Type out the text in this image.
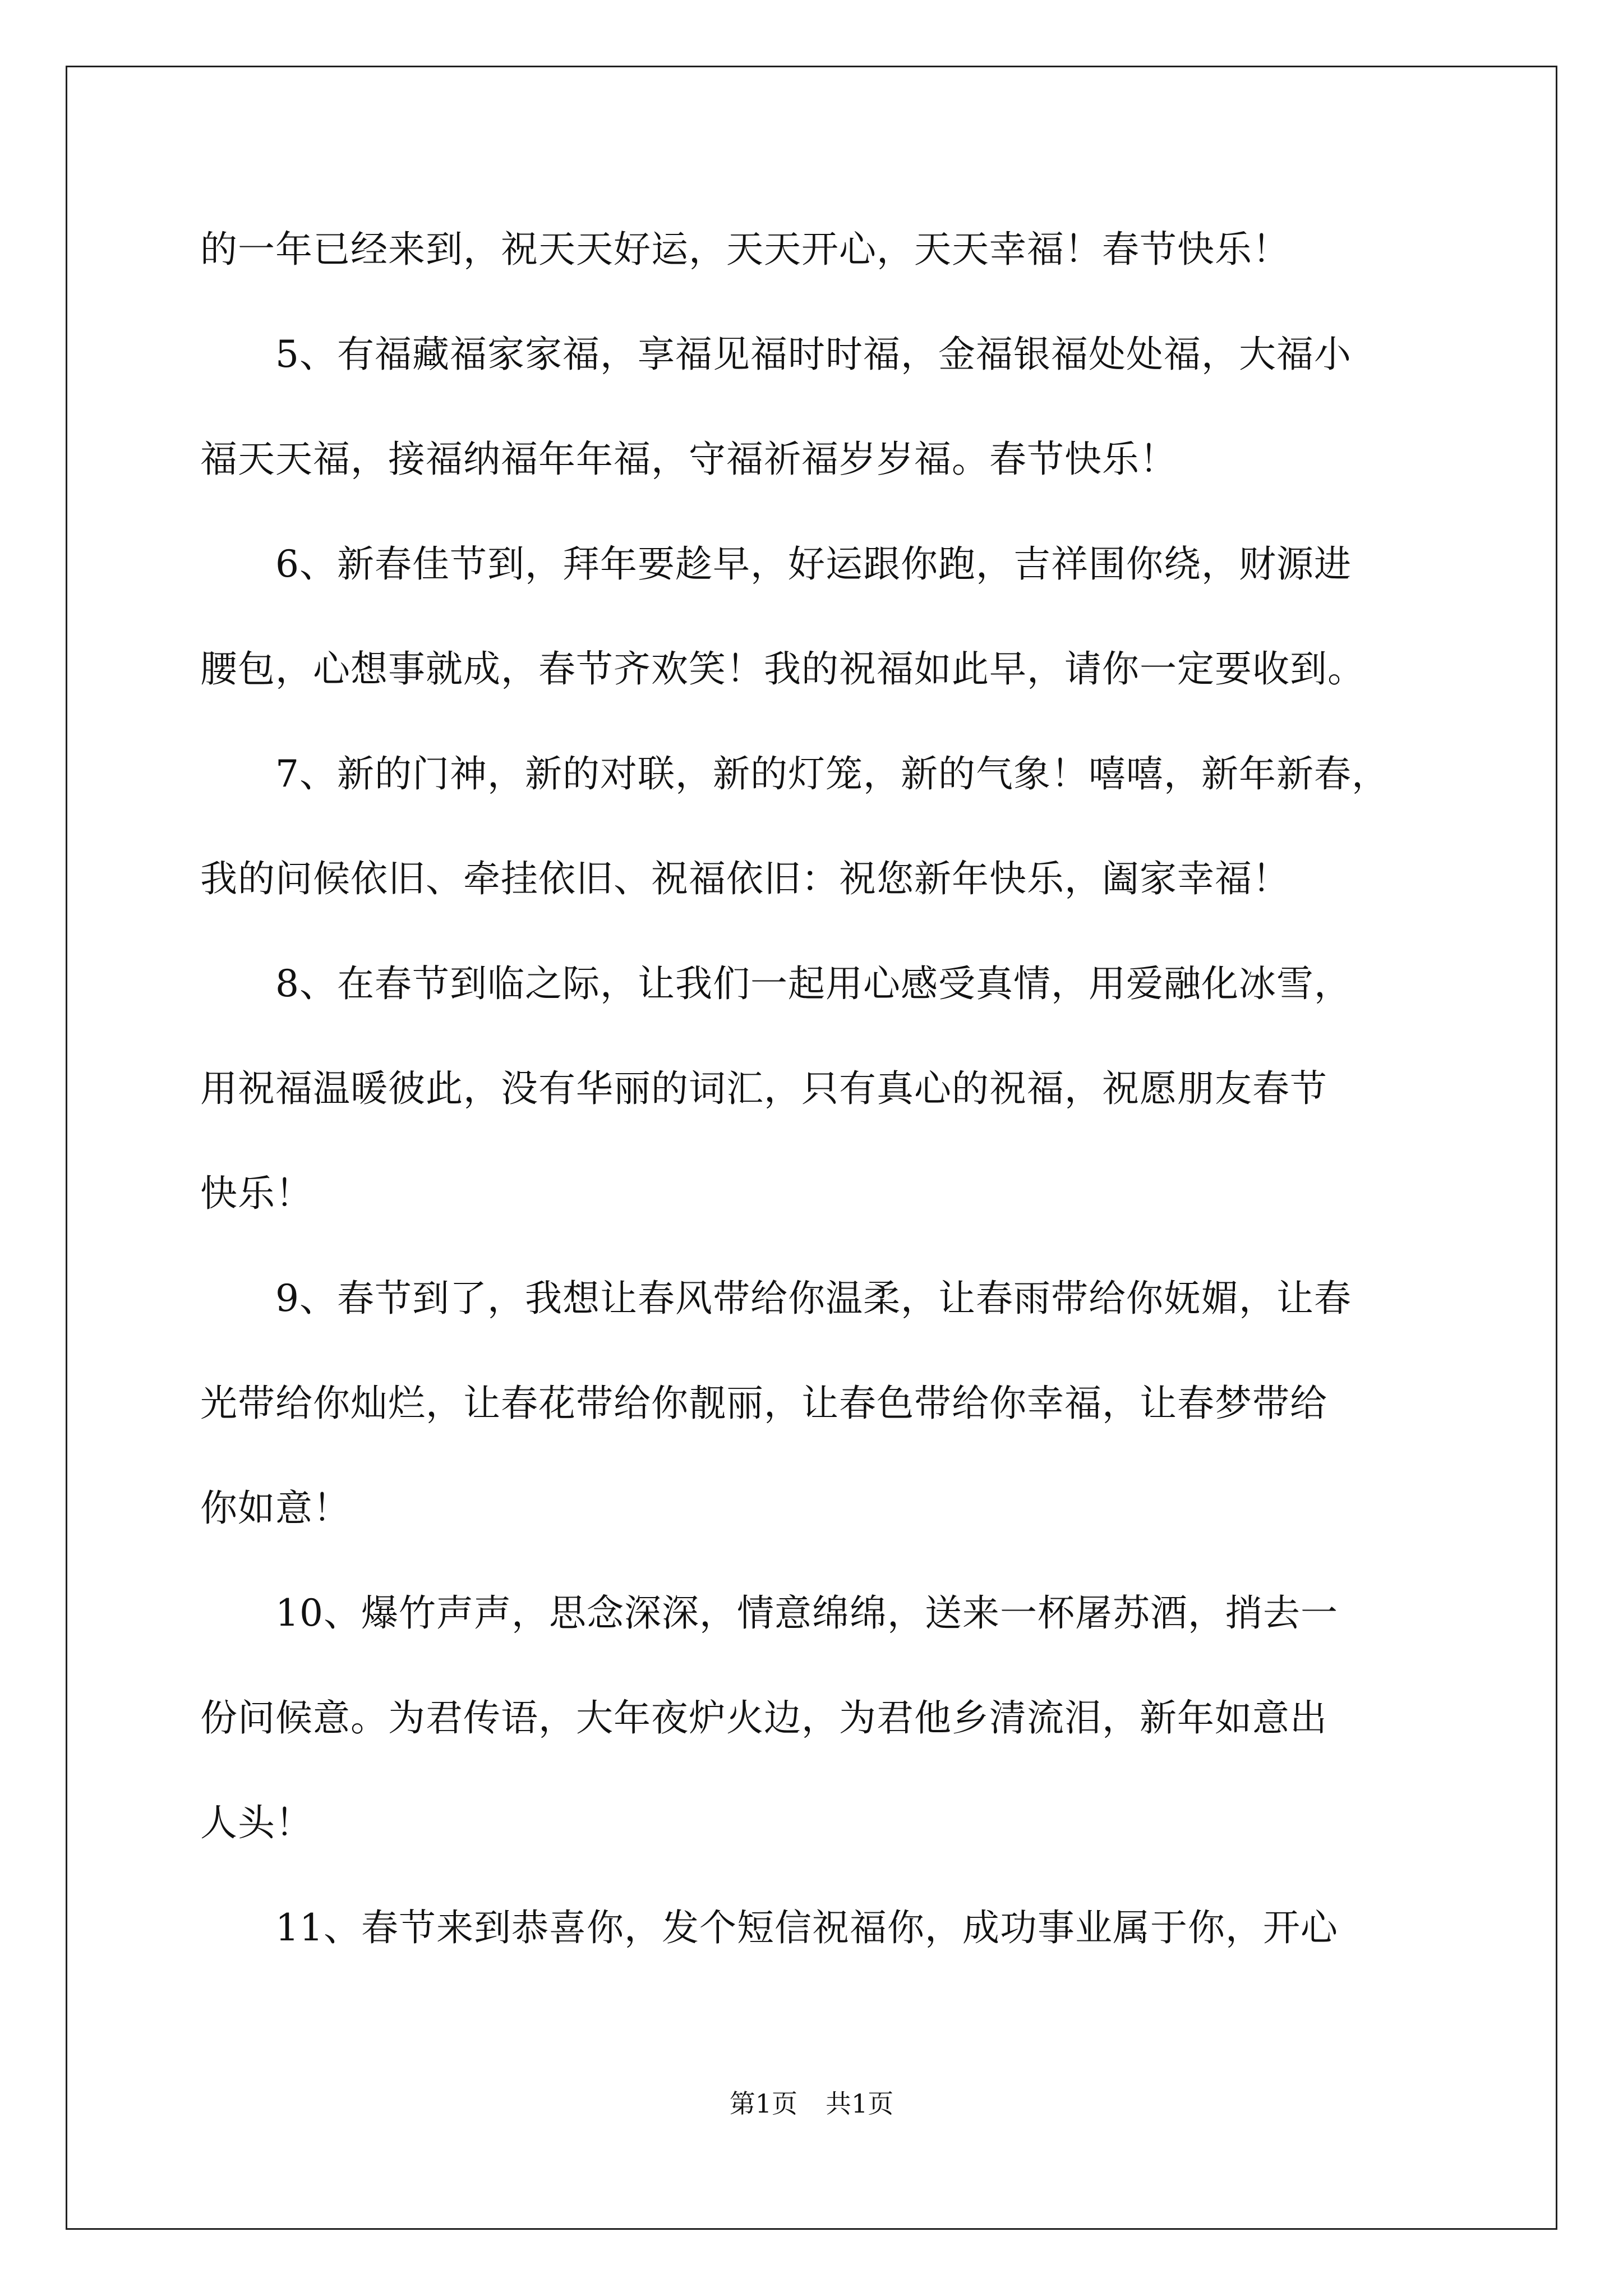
的一年已经来到，祝天天好运，天天开心，天天幸福！春节快乐！
　　5、有福藏福家家福，享福见福时时福，金福银福处处福，大福小
福天天福，接福纳福年年福，守福祈福岁岁福。春节快乐！
　　6、新春佳节到，拜年要趁早，好运跟你跑，吉祥围你绕，财源进
腰包，心想事就成，春节齐欢笑！我的祝福如此早，请你一定要收到。
　　7、新的门神，新的对联，新的灯笼，新的气象！嘻嘻，新年新春，
我的问候依旧、牵挂依旧、祝福依旧：祝您新年快乐，阖家幸福！
　　8、在春节到临之际，让我们一起用心感受真情，用爱融化冰雪，
用祝福温暖彼此，没有华丽的词汇，只有真心的祝福，祝愿朋友春节
快乐！
　　9、春节到了，我想让春风带给你温柔，让春雨带给你妩媚，让春
光带给你灿烂，让春花带给你靓丽，让春色带给你幸福，让春梦带给
你如意！
　　10、爆竹声声，思念深深，情意绵绵，送来一杯屠苏酒，捎去一
份问候意。为君传语，大年夜炉火边，为君他乡清流泪，新年如意出
人头！
　　11、春节来到恭喜你，发个短信祝福你，成功事业属于你，开心
第1页 共1页
